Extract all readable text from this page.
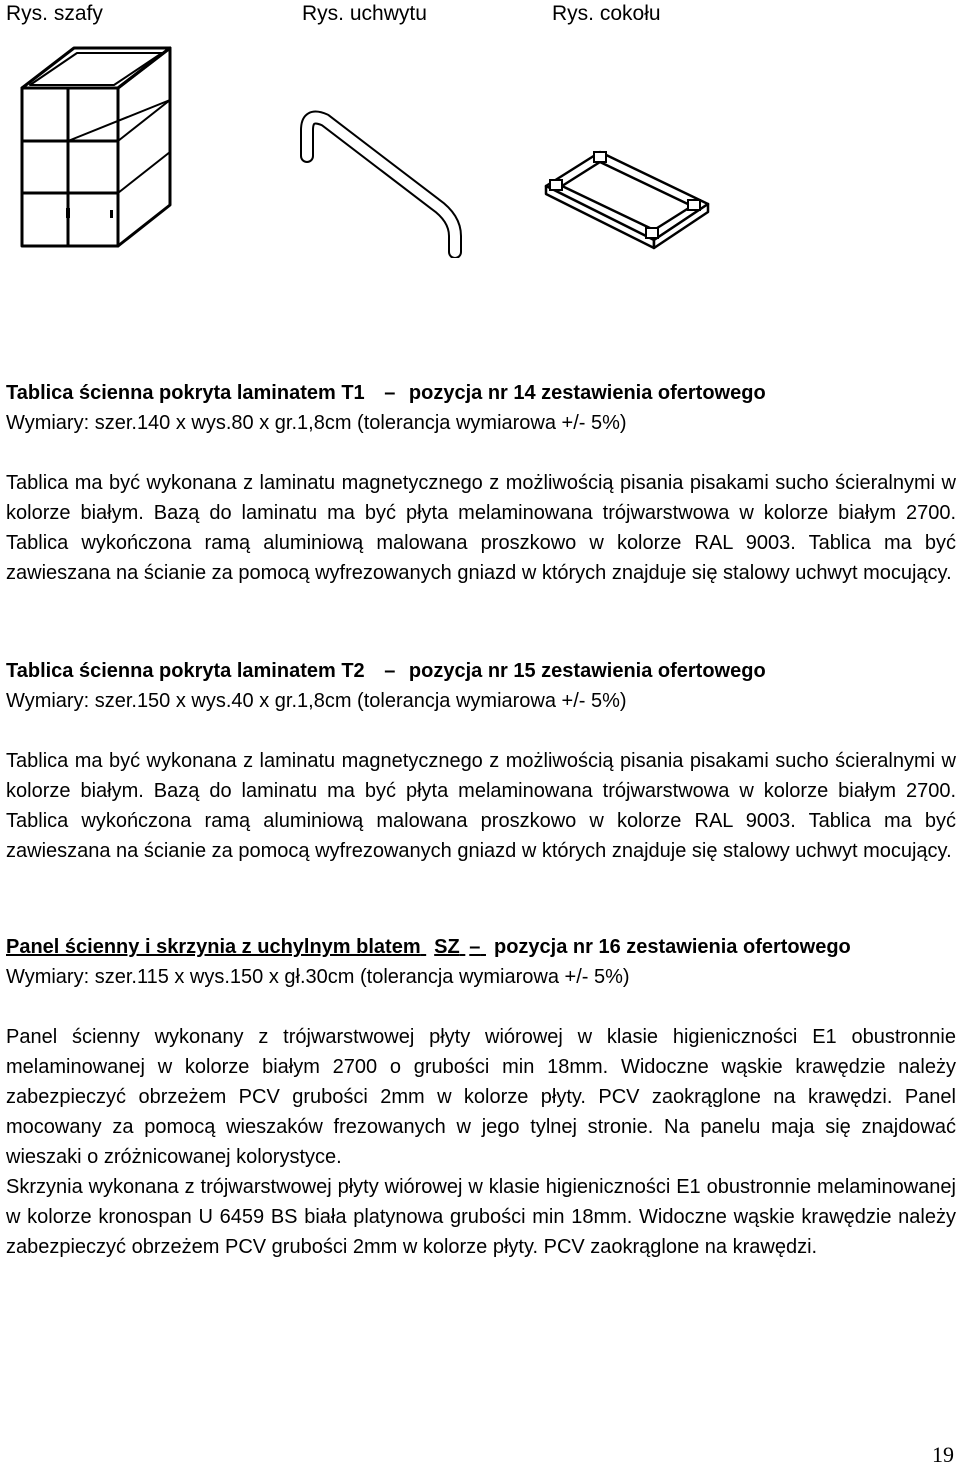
Rys. szafy	Rys. uchwytu	Rys. cokołu
Tablica ścienna pokryta laminatem T1 – pozycja nr 14 zestawienia ofertowego
Wymiary: szer.140 x wys.80 x gr.1,8cm (tolerancja wymiarowa +/- 5%)
Tablica ma być wykonana z laminatu magnetycznego z możliwością pisania pisakami sucho ścieralnymi w kolorze białym. Bazą do laminatu ma być płyta melaminowana trójwarstwowa w kolorze białym 2700. Tablica wykończona ramą aluminiową malowana proszkowo w kolorze RAL 9003. Tablica ma być zawieszana na ścianie za pomocą wyfrezowanych gniazd w których znajduje się stalowy uchwyt mocujący.
Tablica ścienna pokryta laminatem T2 – pozycja nr 15 zestawienia ofertowego
Wymiary: szer.150 x wys.40 x gr.1,8cm (tolerancja wymiarowa +/- 5%)
Tablica ma być wykonana z laminatu magnetycznego z możliwością pisania pisakami sucho ścieralnymi w kolorze białym. Bazą do laminatu ma być płyta melaminowana trójwarstwowa w kolorze białym 2700. Tablica wykończona ramą aluminiową malowana proszkowo w kolorze RAL 9003. Tablica ma być zawieszana na ścianie za pomocą wyfrezowanych gniazd w których znajduje się stalowy uchwyt mocujący.
Panel ścienny i skrzynia z uchylnym blatem SZ – pozycja nr 16 zestawienia ofertowego
Wymiary: szer.115 x wys.150 x gł.30cm (tolerancja wymiarowa +/- 5%)

Panel ścienny wykonany z trójwarstwowej płyty wiórowej w klasie higieniczności E1 obustronnie melaminowanej w kolorze białym 2700 o grubości min 18mm. Widoczne wąskie krawędzie należy zabezpieczyć obrzeżem PCV grubości 2mm w kolorze płyty. PCV zaokrąglone na krawędzi. Panel mocowany za pomocą wieszaków frezowanych w jego tylnej stronie. Na panelu maja się znajdować wieszaki o zróżnicowanej kolorystyce.

Skrzynia wykonana z trójwarstwowej płyty wiórowej w klasie higieniczności E1 obustronnie melaminowanej w kolorze kronospan U 6459 BS biała platynowa grubości min 18mm. Widoczne wąskie krawędzie należy zabezpieczyć obrzeżem PCV grubości 2mm w kolorze płyty. PCV zaokrąglone na krawędzi.

19
